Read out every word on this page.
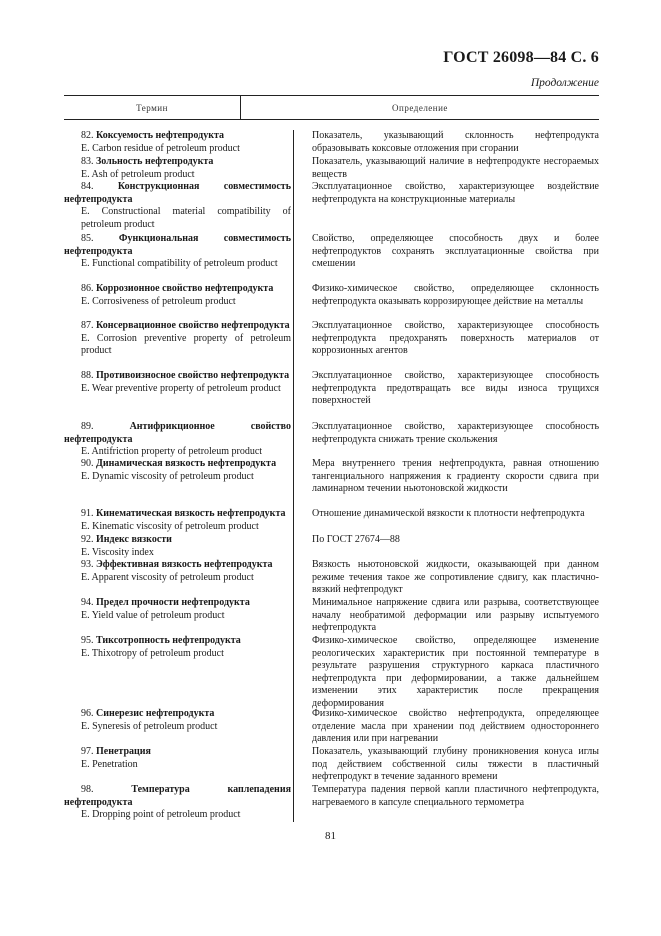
ГОСТ 26098—84 С. 6
Продолжение
Термин	Определение
82. Коксуемость нефтепродукта
E. Carbon residue of petroleum product
Показатель, указывающий склонность нефтепродукта образовывать коксовые отложения при сгорании
83. Зольность нефтепродукта
E. Ash of petroleum product
Показатель, указывающий наличие в нефтепродукте несгораемых веществ
84. Конструкционная совместимость нефтепродукта
E. Constructional material compatibility of petroleum product
Эксплуатационное свойство, характеризующее воздействие нефтепродукта на конструкционные материалы
85.	Функциональная совместимость нефтепродукта
E. Functional compatibility of petroleum product
Свойство, определяющее способность двух и более нефтепродуктов сохранять эксплуатационные свойства при смешении
86. Коррозионное свойство нефтепродукта
E. Corrosiveness of petroleum product
Физико-химическое свойство, определяющее склонность нефтепродукта оказывать коррозирующее действие на металлы
87. Консервационное свойство нефтепродукта
E. Corrosion preventive property of petroleum product
Эксплуатационное свойство, характеризующее способность нефтепродукта предохранять поверхность материалов от коррозионных агентов
88. Противоизносное свойство нефтепродукта
E. Wear preventive property of petroleum product
Эксплуатационное свойство, характеризующее способность нефтепродукта предотвращать все виды износа трущихся поверхностей
89.	Антифрикционное свойство нефтепродукта
E. Antifriction property of petroleum product
Эксплуатационное свойство, характеризующее способность нефтепродукта снижать трение скольжения
90. Динамическая вязкость нефтепродукта
E. Dynamic viscosity of petroleum product
Мера внутреннего трения нефтепродукта, равная отношению тангенциального напряжения к градиенту скорости сдвига при ламинарном течении ньютоновской жидкости
91. Кинематическая вязкость нефтепродукта
E. Kinematic viscosity of petroleum product
Отношение динамической вязкости к плотности нефтепродукта
92. Индекс вязкости
E. Viscosity index
По ГОСТ 27674—88
93. Эффективная вязкость нефтепродукта
E. Apparent viscosity of petroleum product
Вязкость ньютоновской жидкости, оказывающей при данном режиме течения такое же сопротивление сдвигу, как пластично-вязкий нефтепродукт
94. Предел прочности нефтепродукта
E. Yield value of petroleum product
Минимальное напряжение сдвига или разрыва, соответствующее началу необратимой деформации или разрыву испытуемого нефтепродукта
95. Тиксотропность нефтепродукта
E. Thixotropy of petroleum product
Физико-химическое свойство, определяющее изменение реологических характеристик при постоянной температуре в результате разрушения структурного каркаса пластичного нефтепродукта при деформировании, а также дальнейшем изменении этих характеристик после прекращения деформирования
96. Синерезис нефтепродукта
E. Syneresis of petroleum product
Физико-химическое свойство нефтепродукта, определяющее отделение масла при хранении под действием одностороннего давления или при нагревании
97. Пенетрация
E. Penetration
Показатель, указывающий глубину проникновения конуса иглы под действием собственной силы тяжести в пластичный нефтепродукт в течение заданного времени
98.	Температура каплепадения нефтепродукта
E. Dropping point of petroleum product
Температура падения первой капли пластичного нефтепродукта, нагреваемого в капсуле специального термометра
81
